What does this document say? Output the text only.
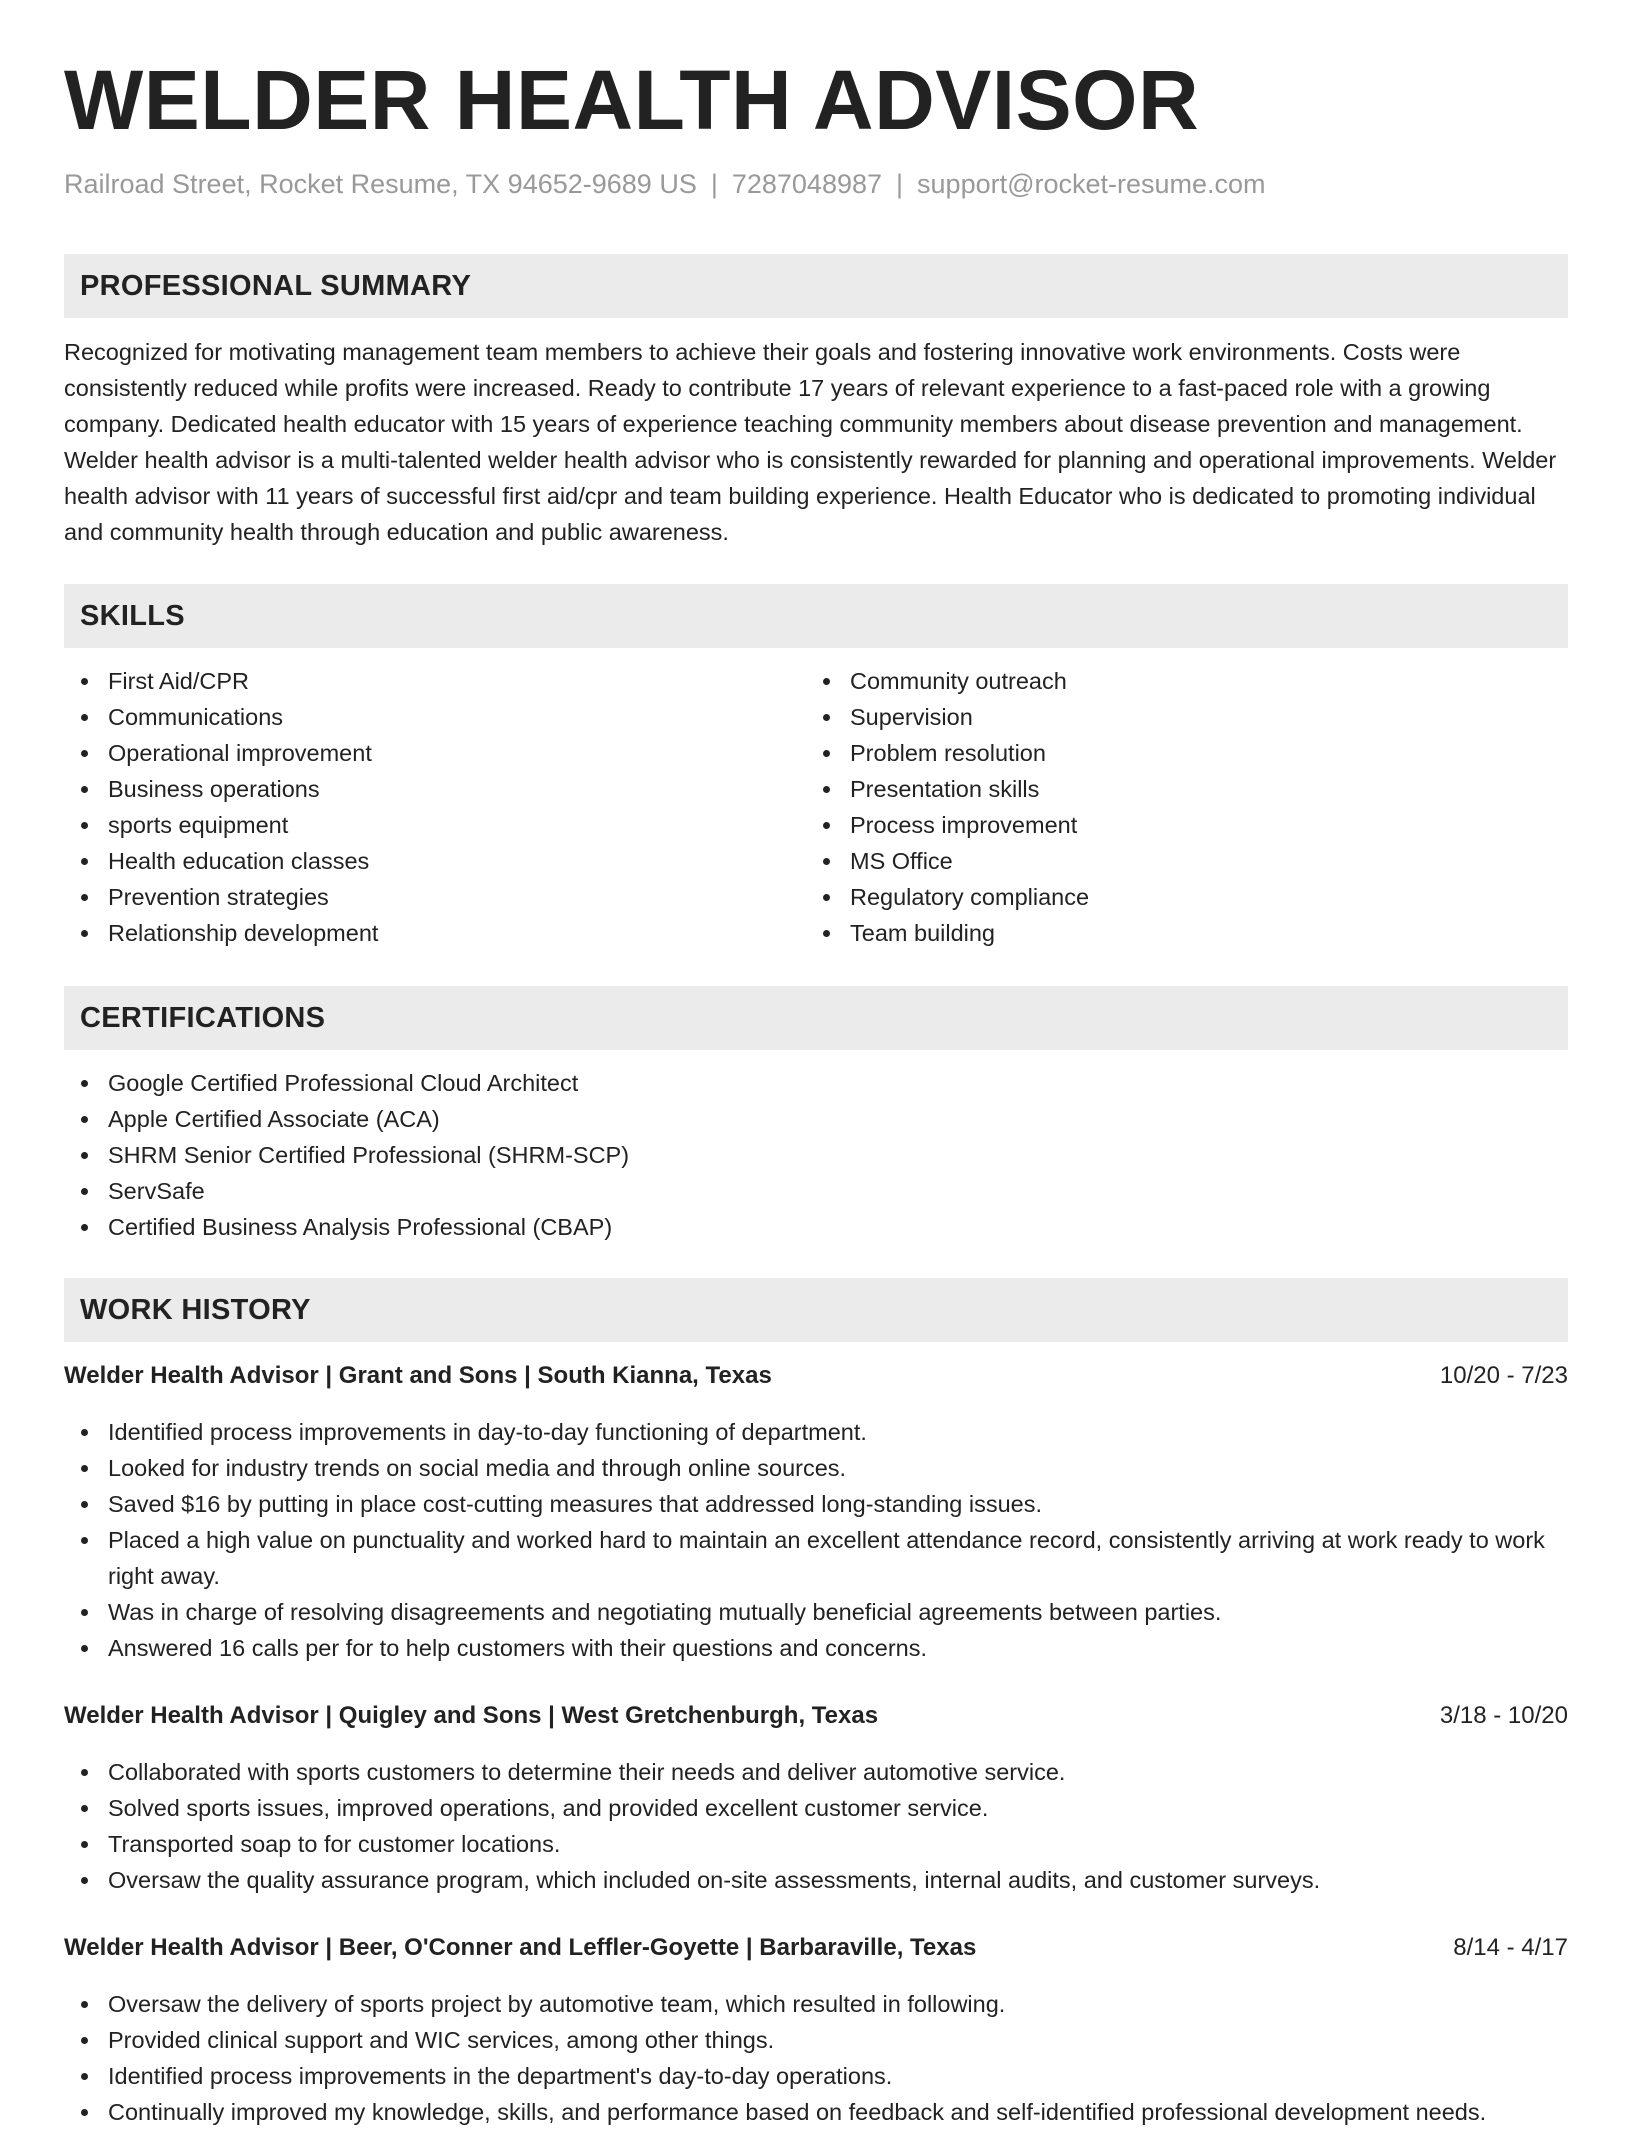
WELDER HEALTH ADVISOR
Railroad Street, Rocket Resume, TX 94652-9689 US | 7287048987 | support@rocket-resume.com
PROFESSIONAL SUMMARY

Recognized for motivating management team members to achieve their goals and fostering innovative work environments. Costs were consistently reduced while profits were increased. Ready to contribute 17 years of relevant experience to a fast-paced role with a growing company. Dedicated health educator with 15 years of experience teaching community members about disease prevention and management. Welder health advisor is a multi-talented welder health advisor who is consistently rewarded for planning and operational improvements. Welder health advisor with 11 years of successful first aid/cpr and team building experience. Health Educator who is dedicated to promoting individual and community health through education and public awareness.

SKILLS
First Aid/CPR
Communications
Operational improvement
Business operations
sports equipment
Health education classes
Prevention strategies
Relationship development
Community outreach
Supervision
Problem resolution
Presentation skills
Process improvement
MS Office
Regulatory compliance
Team building
CERTIFICATIONS
Google Certified Professional Cloud Architect
Apple Certified Associate (ACA)
SHRM Senior Certified Professional (SHRM-SCP)
ServSafe
Certified Business Analysis Professional (CBAP)
WORK HISTORY
Welder Health Advisor | Grant and Sons | South Kianna, Texas	10/20 - 7/23
Identified process improvements in day-to-day functioning of department.
Looked for industry trends on social media and through online sources.
Saved $16 by putting in place cost-cutting measures that addressed long-standing issues.
Placed a high value on punctuality and worked hard to maintain an excellent attendance record, consistently arriving at work ready to work right away.
Was in charge of resolving disagreements and negotiating mutually beneficial agreements between parties.
Answered 16 calls per for to help customers with their questions and concerns.
Welder Health Advisor | Quigley and Sons | West Gretchenburgh, Texas	3/18 - 10/20
Collaborated with sports customers to determine their needs and deliver automotive service.
Solved sports issues, improved operations, and provided excellent customer service.
Transported soap to for customer locations.
Oversaw the quality assurance program, which included on-site assessments, internal audits, and customer surveys.
Welder Health Advisor | Beer, O'Conner and Leffler-Goyette | Barbaraville, Texas	8/14 - 4/17
Oversaw the delivery of sports project by automotive team, which resulted in following.
Provided clinical support and WIC services, among other things.
Identified process improvements in the department's day-to-day operations.
Continually improved my knowledge, skills, and performance based on feedback and self-identified professional development needs.
